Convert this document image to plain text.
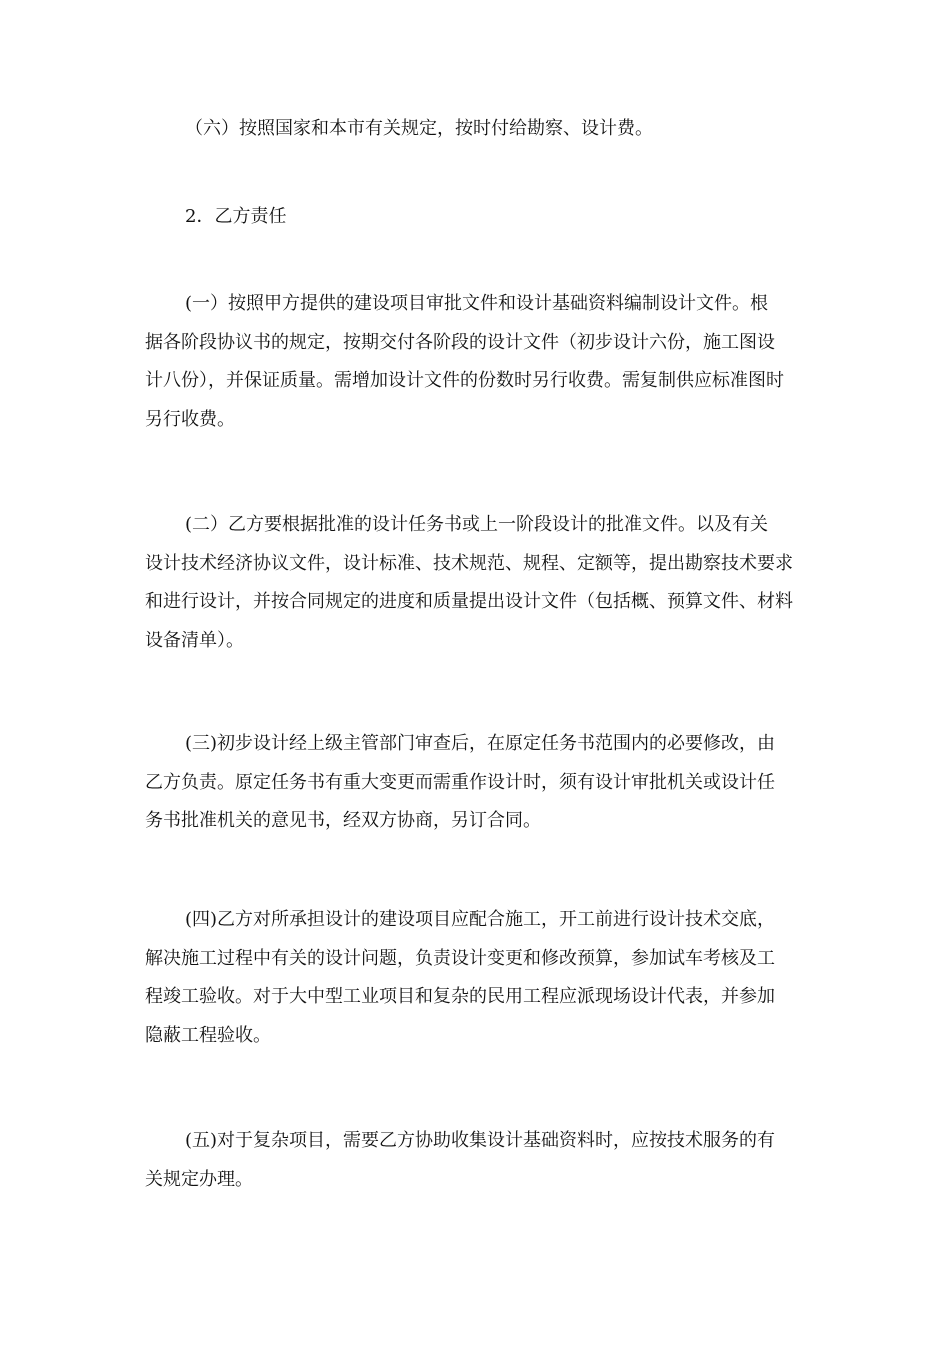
（六）按照国家和本市有关规定，按时付给勘察、设计费。
2．乙方责任
(一）按照甲方提供的建设项目审批文件和设计基础资料编制设计文件。根
据各阶段协议书的规定，按期交付各阶段的设计文件（初步设计六份，施工图设
计八份），并保证质量。需增加设计文件的份数时另行收费。需复制供应标准图时
另行收费。
(二）乙方要根据批准的设计任务书或上一阶段设计的批准文件。以及有关
设计技术经济协议文件，设计标准、技术规范、规程、定额等，提出勘察技术要求
和进行设计，并按合同规定的进度和质量提出设计文件（包括概、预算文件、材料
设备清单）。
(三)初步设计经上级主管部门审查后，在原定任务书范围内的必要修改，由
乙方负责。原定任务书有重大变更而需重作设计时，须有设计审批机关或设计任
务书批准机关的意见书，经双方协商，另订合同。
(四)乙方对所承担设计的建设项目应配合施工，开工前进行设计技术交底，
解决施工过程中有关的设计问题，负责设计变更和修改预算，参加试车考核及工
程竣工验收。对于大中型工业项目和复杂的民用工程应派现场设计代表，并参加
隐蔽工程验收。
(五)对于复杂项目，需要乙方协助收集设计基础资料时，应按技术服务的有
关规定办理。
